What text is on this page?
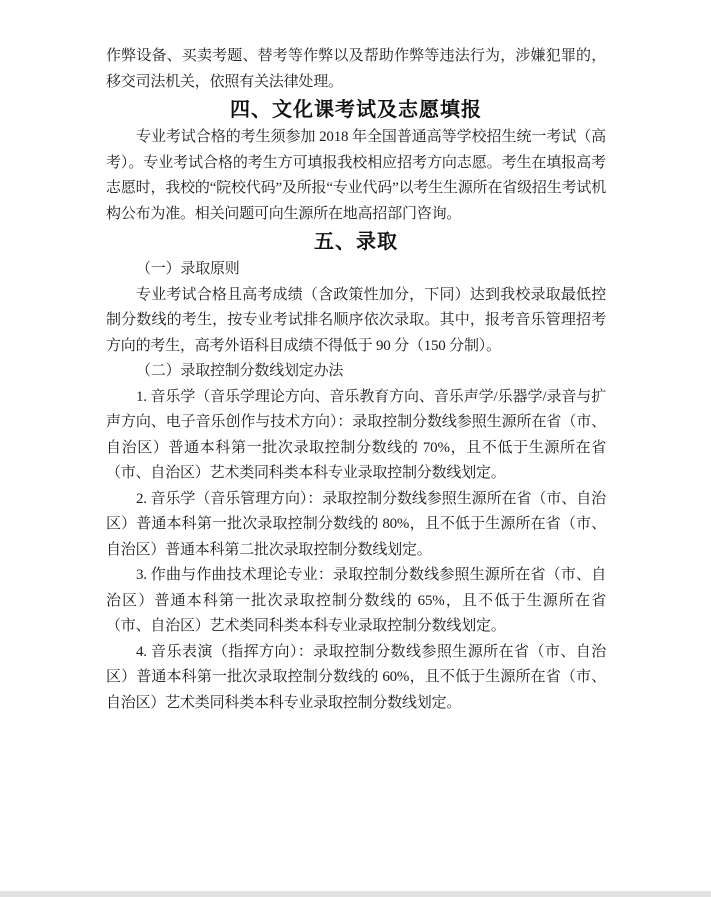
作弊设备、买卖考题、替考等作弊以及帮助作弊等违法行为，涉嫌犯罪的，移交司法机关，依照有关法律处理。

四、文化课考试及志愿填报

专业考试合格的考生须参加 2018 年全国普通高等学校招生统一考试（高考）。专业考试合格的考生方可填报我校相应招考方向志愿。考生在填报高考志愿时，我校的“院校代码”及所报“专业代码”以考生生源所在省级招生考试机构公布为准。相关问题可向生源所在地高招部门咨询。

五、录取

（一）录取原则

专业考试合格且高考成绩（含政策性加分，下同）达到我校录取最低控制分数线的考生，按专业考试排名顺序依次录取。其中，报考音乐管理招考方向的考生，高考外语科目成绩不得低于 90 分（150 分制）。

（二）录取控制分数线划定办法

1. 音乐学（音乐学理论方向、音乐教育方向、音乐声学/乐器学/录音与扩声方向、电子音乐创作与技术方向）：录取控制分数线参照生源所在省（市、自治区）普通本科第一批次录取控制分数线的 70%，且不低于生源所在省（市、自治区）艺术类同科类本科专业录取控制分数线划定。

2. 音乐学（音乐管理方向）：录取控制分数线参照生源所在省（市、自治区）普通本科第一批次录取控制分数线的 80%，且不低于生源所在省（市、自治区）普通本科第二批次录取控制分数线划定。

3. 作曲与作曲技术理论专业：录取控制分数线参照生源所在省（市、自治区）普通本科第一批次录取控制分数线的 65%，且不低于生源所在省（市、自治区）艺术类同科类本科专业录取控制分数线划定。

4. 音乐表演（指挥方向）：录取控制分数线参照生源所在省（市、自治区）普通本科第一批次录取控制分数线的 60%，且不低于生源所在省（市、自治区）艺术类同科类本科专业录取控制分数线划定。
